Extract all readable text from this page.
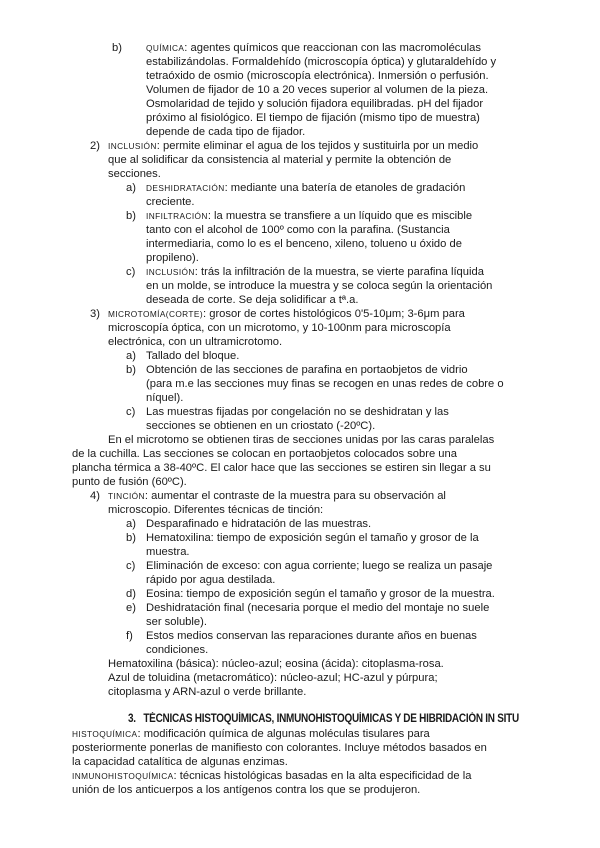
b)	QUÍMICA: agentes químicos que reaccionan con las macromoléculas
estabilizándolas. Formaldehído (microscopía óptica) y glutaraldehído y
tetraóxido de osmio (microscopía electrónica). Inmersión o perfusión.
Volumen de fijador de 10 a 20 veces superior al volumen de la pieza.
Osmolaridad de tejido y solución fijadora equilibradas. pH del fijador
próximo al fisiológico. El tiempo de fijación (mismo tipo de muestra)
depende de cada tipo de fijador.
2) INCLUSIÓN: permite eliminar el agua de los tejidos y sustituirla por un medio
que al solidificar da consistencia al material y permite la obtención de
secciones.
a) DESHIDRATACIÓN: mediante una batería de etanoles de gradación
creciente.
b) INFILTRACIÓN: la muestra se transfiere a un líquido que es miscible
tanto con el alcohol de 100º como con la parafina. (Sustancia
intermediaria, como lo es el benceno, xileno, tolueno u óxido de
propileno).
c) INCLUSIÓN: trás la infiltración de la muestra, se vierte parafina líquida
en un molde, se introduce la muestra y se coloca según la orientación
deseada de corte. Se deja solidificar a tª.a.
3) MICROTOMÍA(CORTE): grosor de cortes histológicos 0'5-10μm; 3-6μm para
microscopía óptica, con un microtomo, y 10-100nm para microscopía
electrónica, con un ultramicrotomo.
a) Tallado del bloque.
b) Obtención de las secciones de parafina en portaobjetos de vidrio
(para m.e las secciones muy finas se recogen en unas redes de cobre o
níquel).
c) Las muestras fijadas por congelación no se deshidratan y las
secciones se obtienen en un criostato (-20ºC).
En el microtomo se obtienen tiras de secciones unidas por las caras paralelas
de la cuchilla. Las secciones se colocan en portaobjetos colocados sobre una
plancha térmica a 38-40ºC. El calor hace que las secciones se estiren sin llegar a su
punto de fusión (60ºC).
4) TINCIÓN: aumentar el contraste de la muestra para su observación al
microscopio. Diferentes técnicas de tinción:
a) Desparafinado e hidratación de las muestras.
b) Hematoxilina: tiempo de exposición según el tamaño y grosor de la
muestra.
c) Eliminación de exceso: con agua corriente; luego se realiza un pasaje
rápido por agua destilada.
d) Eosina: tiempo de exposición según el tamaño y grosor de la muestra.
e) Deshidratación final (necesaria porque el medio del montaje no suele
ser soluble).
f) Estos medios conservan las reparaciones durante años en buenas
condiciones.
Hematoxilina (básica): núcleo-azul; eosina (ácida): citoplasma-rosa.
Azul de toluidina (metacromático): núcleo-azul; HC-azul y púrpura;
citoplasma y ARN-azul o verde brillante.
3. TÉCNICAS HISTOQUÍMICAS, INMUNOHISTOQUÍMICAS Y DE HIBRIDACIÓN IN SITU
HISTOQUÍMICA: modificación química de algunas moléculas tisulares para
posteriormente ponerlas de manifiesto con colorantes. Incluye métodos basados en
la capacidad catalítica de algunas enzimas.
INMUNOHISTOQUÍMICA: técnicas histológicas basadas en la alta especificidad de la
unión de los anticuerpos a los antígenos contra los que se produjeron.
